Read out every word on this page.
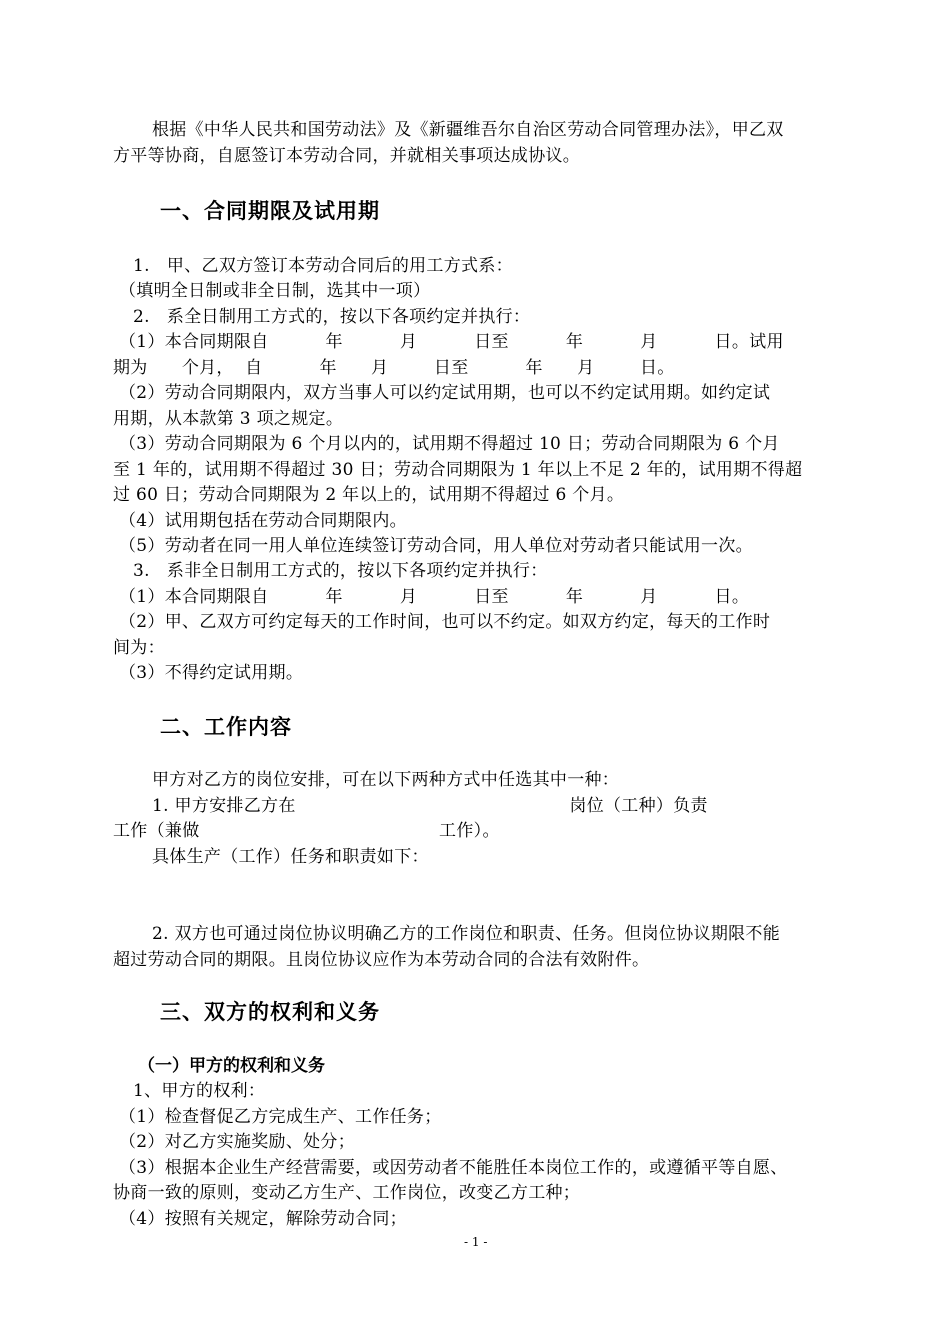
根据《中华人民共和国劳动法》及《新疆维吾尔自治区劳动合同管理办法》，甲乙双
方平等协商，自愿签订本劳动合同，并就相关事项达成协议。
一、合同期限及试用期
1.   甲、乙双方签订本劳动合同后的用工方式系：
（填明全日制或非全日制，选其中一项）
2.   系全日制用工方式的，按以下各项约定并执行：
（1）本合同期限自          年          月          日至          年          月          日。试用
期为      个月，  自          年      月        日至          年      月        日。
（2）劳动合同期限内，双方当事人可以约定试用期，也可以不约定试用期。如约定试
用期，从本款第 3 项之规定。
（3）劳动合同期限为 6 个月以内的，试用期不得超过 10 日；劳动合同期限为 6 个月
至 1 年的，试用期不得超过 30 日；劳动合同期限为 1 年以上不足 2 年的，试用期不得超
过 60 日；劳动合同期限为 2 年以上的，试用期不得超过 6 个月。
（4）试用期包括在劳动合同期限内。
（5）劳动者在同一用人单位连续签订劳动合同，用人单位对劳动者只能试用一次。
3.   系非全日制用工方式的，按以下各项约定并执行：
（1）本合同期限自          年          月          日至          年          月          日。
（2）甲、乙双方可约定每天的工作时间，也可以不约定。如双方约定，每天的工作时
间为：
（3）不得约定试用期。
二、工作内容
甲方对乙方的岗位安排，可在以下两种方式中任选其中一种：
1. 甲方安排乙方在                                                岗位（工种）负责
工作（兼做                                          工作）。
具体生产（工作）任务和职责如下：
2. 双方也可通过岗位协议明确乙方的工作岗位和职责、任务。但岗位协议期限不能
超过劳动合同的期限。且岗位协议应作为本劳动合同的合法有效附件。
三、双方的权利和义务
（一）甲方的权利和义务
1、甲方的权利：
（1）检查督促乙方完成生产、工作任务；
（2）对乙方实施奖励、处分；
（3）根据本企业生产经营需要，或因劳动者不能胜任本岗位工作的，或遵循平等自愿、
协商一致的原则，变动乙方生产、工作岗位，改变乙方工种；
（4）按照有关规定，解除劳动合同；
- 1 -
